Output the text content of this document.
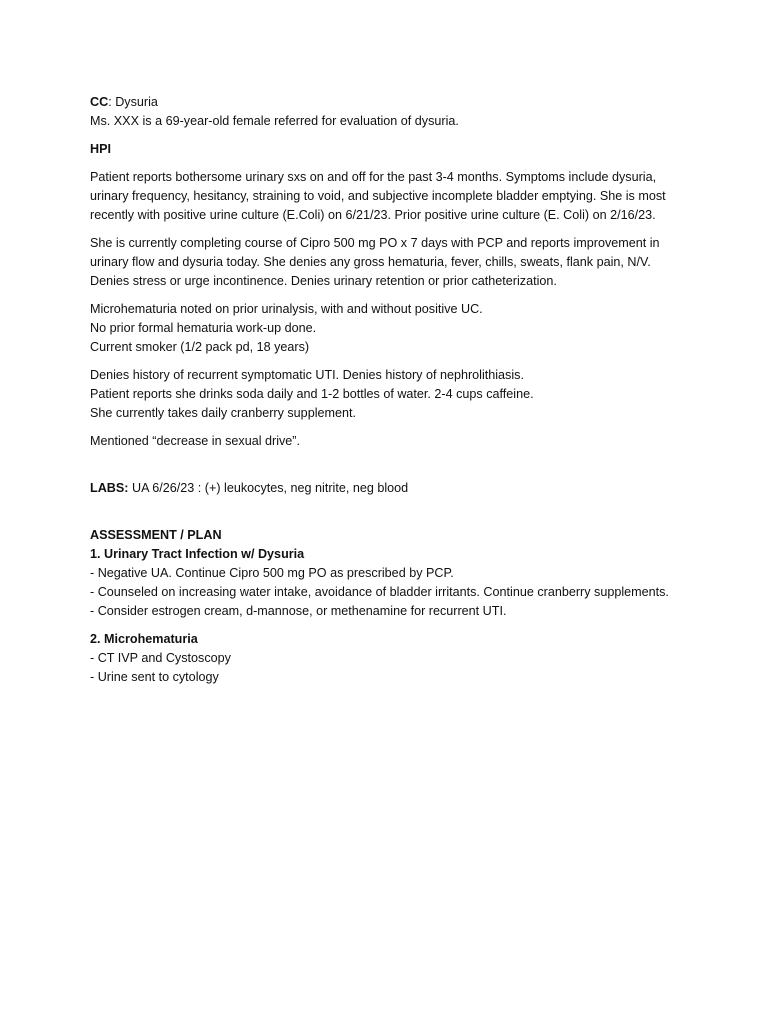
CC: Dysuria

Ms. XXX is a 69-year-old female referred for evaluation of dysuria.

HPI

Patient reports bothersome urinary sxs on and off for the past 3-4 months. Symptoms include dysuria,
urinary frequency, hesitancy, straining to void, and subjective incomplete bladder emptying. She is most
recently with positive urine culture (E.Coli) on 6/21/23. Prior positive urine culture (E. Coli) on 2/16/23.

She is currently completing course of Cipro 500 mg PO x 7 days with PCP and reports improvement in
urinary flow and dysuria today. She denies any gross hematuria, fever, chills, sweats, flank pain, N/V.
Denies stress or urge incontinence. Denies urinary retention or prior catheterization.

Microhematuria noted on prior urinalysis, with and without positive UC.
No prior formal hematuria work-up done.
Current smoker (1/2 pack pd, 18 years)

Denies history of recurrent symptomatic UTI. Denies history of nephrolithiasis.
Patient reports she drinks soda daily and 1-2 bottles of water. 2-4 cups caffeine.
She currently takes daily cranberry supplement.

Mentioned “decrease in sexual drive”.

LABS: UA 6/26/23 : (+) leukocytes, neg nitrite, neg blood

ASSESSMENT / PLAN

1. Urinary Tract Infection w/ Dysuria

- Negative UA. Continue Cipro 500 mg PO as prescribed by PCP.
- Counseled on increasing water intake, avoidance of bladder irritants. Continue cranberry supplements.
- Consider estrogen cream, d-mannose, or methenamine for recurrent UTI.

2. Microhematuria

- CT IVP and Cystoscopy
- Urine sent to cytology
